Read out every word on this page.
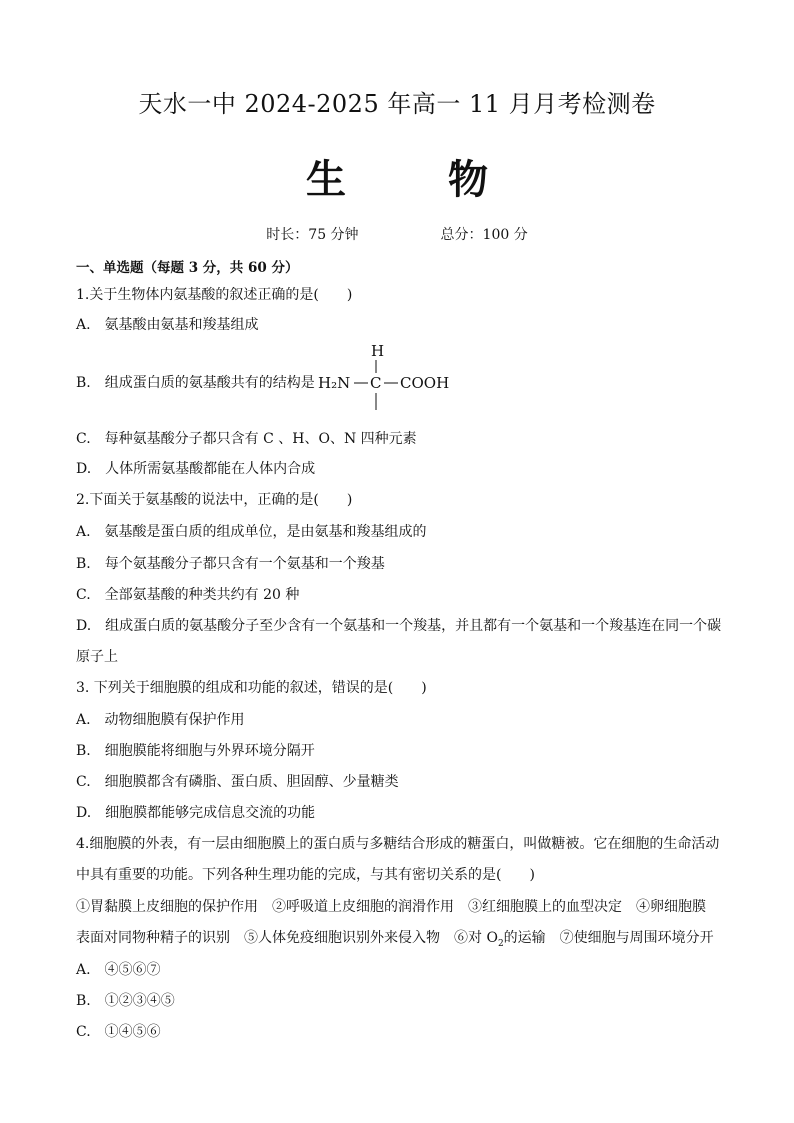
天水一中 2024-2025 年高一 11 月月考检测卷
生 物
时长：75 分钟	总分：100 分
一、单选题（每题 3 分，共 60 分）
1.关于生物体内氨基酸的叙述正确的是(　　)
A.　氨基酸由氨基和羧基组成
B.　组成蛋白质的氨基酸共有的结构是
H
H₂N C COOH
C.　每种氨基酸分子都只含有 C 、H、O、N 四种元素
D.　人体所需氨基酸都能在人体内合成
2.下面关于氨基酸的说法中，正确的是(　　)
A.　氨基酸是蛋白质的组成单位，是由氨基和羧基组成的
B.　每个氨基酸分子都只含有一个氨基和一个羧基
C.　全部氨基酸的种类共约有 20 种
D.　组成蛋白质的氨基酸分子至少含有一个氨基和一个羧基，并且都有一个氨基和一个羧基连在同一个碳
原子上
3. 下列关于细胞膜的组成和功能的叙述，错误的是(　　)
A.　动物细胞膜有保护作用
B.　细胞膜能将细胞与外界环境分隔开
C.　细胞膜都含有磷脂、蛋白质、胆固醇、少量糖类
D.　细胞膜都能够完成信息交流的功能
4.细胞膜的外表，有一层由细胞膜上的蛋白质与多糖结合形成的糖蛋白，叫做糖被。它在细胞的生命活动
中具有重要的功能。下列各种生理功能的完成，与其有密切关系的是(　　)
①胃黏膜上皮细胞的保护作用　②呼吸道上皮细胞的润滑作用　③红细胞膜上的血型决定　④卵细胞膜
表面对同物种精子的识别　⑤人体免疫细胞识别外来侵入物　⑥对 $O_2$的运输　⑦使细胞与周围环境分开
A.　④⑤⑥⑦
B.　①②③④⑤
C.　①④⑤⑥
